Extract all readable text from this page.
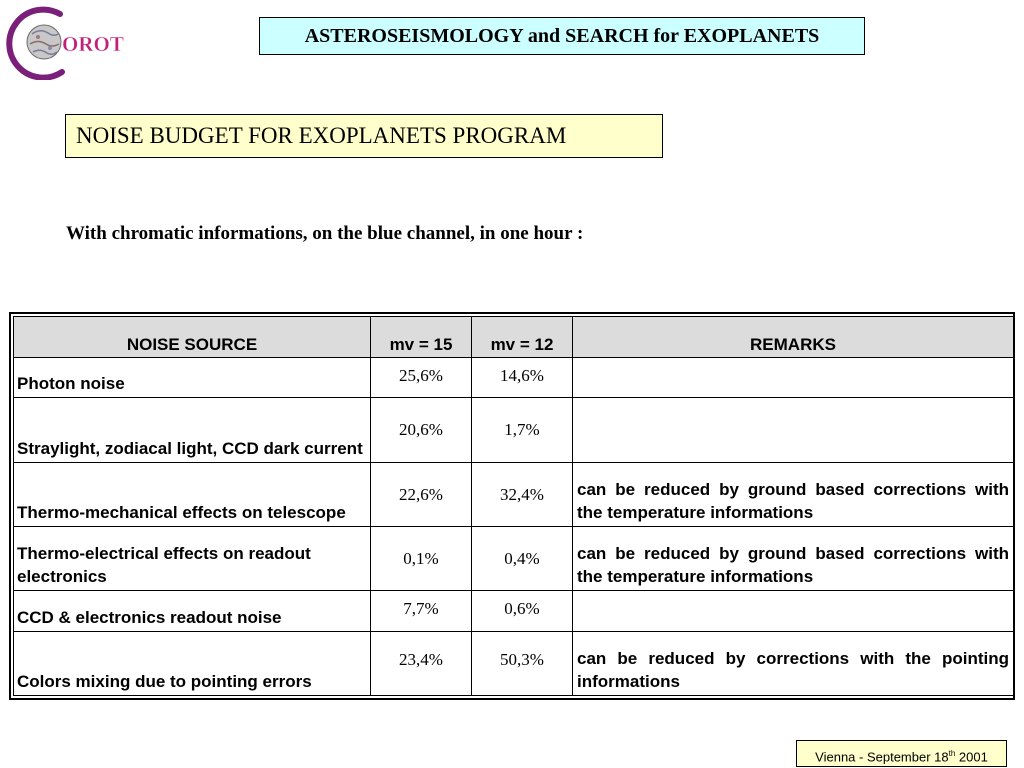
OROT	ASTEROSEISMOLOGY and SEARCH for EXOPLANETS
NOISE BUDGET FOR EXOPLANETS PROGRAM
With chromatic informations, on the blue channel, in one hour :
NOISE SOURCE	mv = 15	mv = 12	REMARKS
Photon noise	25,6%	14,6%	
Straylight, zodiacal light, CCD dark current	20,6%	1,7%	
Thermo-mechanical effects on telescope	22,6%	32,4%	can be reduced by ground based corrections with the temperature informations
Thermo-electrical effects on readout electronics	0,1%	0,4%	can be reduced by ground based corrections with the temperature informations
CCD & electronics readout noise	7,7%	0,6%	
Colors mixing due to pointing errors	23,4%	50,3%	can be reduced by corrections with the pointing informations
Vienna - September 18th 2001
